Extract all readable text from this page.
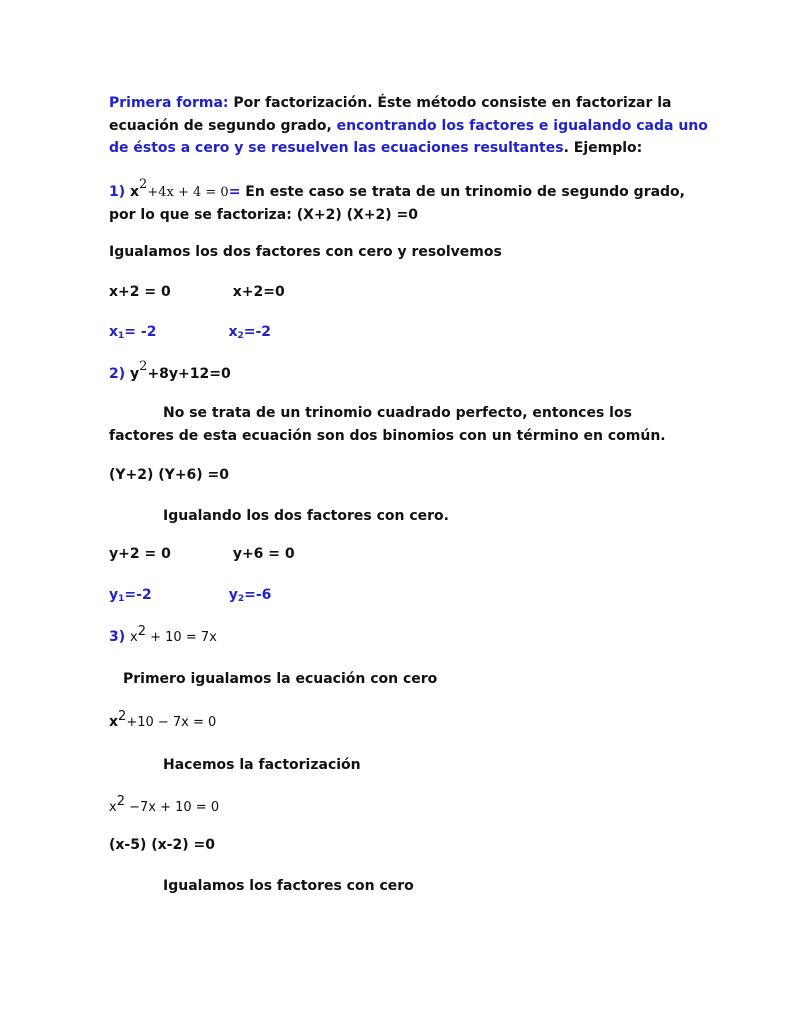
Primera forma: Por factorización. Éste método consiste en factorizar la
ecuación de segundo grado, encontrando los factores e igualando cada uno
de éstos a cero y se resuelven las ecuaciones resultantes. Ejemplo:
1) $x^2+4x + 4 = 0= En$ este caso se trata de un trinomio de segundo grado,
por lo que se factoriza: (X+2) (X+2) =0
Igualamos los dos factores con cero y resolvemos
x+2 = 0	x+2=0
$x_1= -2$	$x_2=-2$
2) $y^2+8y+12=0$
No se trata de un trinomio cuadrado perfecto, entonces los
factores de esta ecuación son dos binomios con un término en común.
(Y+2) (Y+6) =0
Igualando los dos factores con cero.
y+2 = 0	y+6 = 0
$y_1=-2$	$y_2=-6$
3) $x^2 + 10 = 7x$
Primero igualamos la ecuación con cero
$x^2+10 - 7x = 0$
Hacemos la factorización
$x^2 -7x + 10 = 0$
(x-5) (x-2) =0
Igualamos los factores con cero
